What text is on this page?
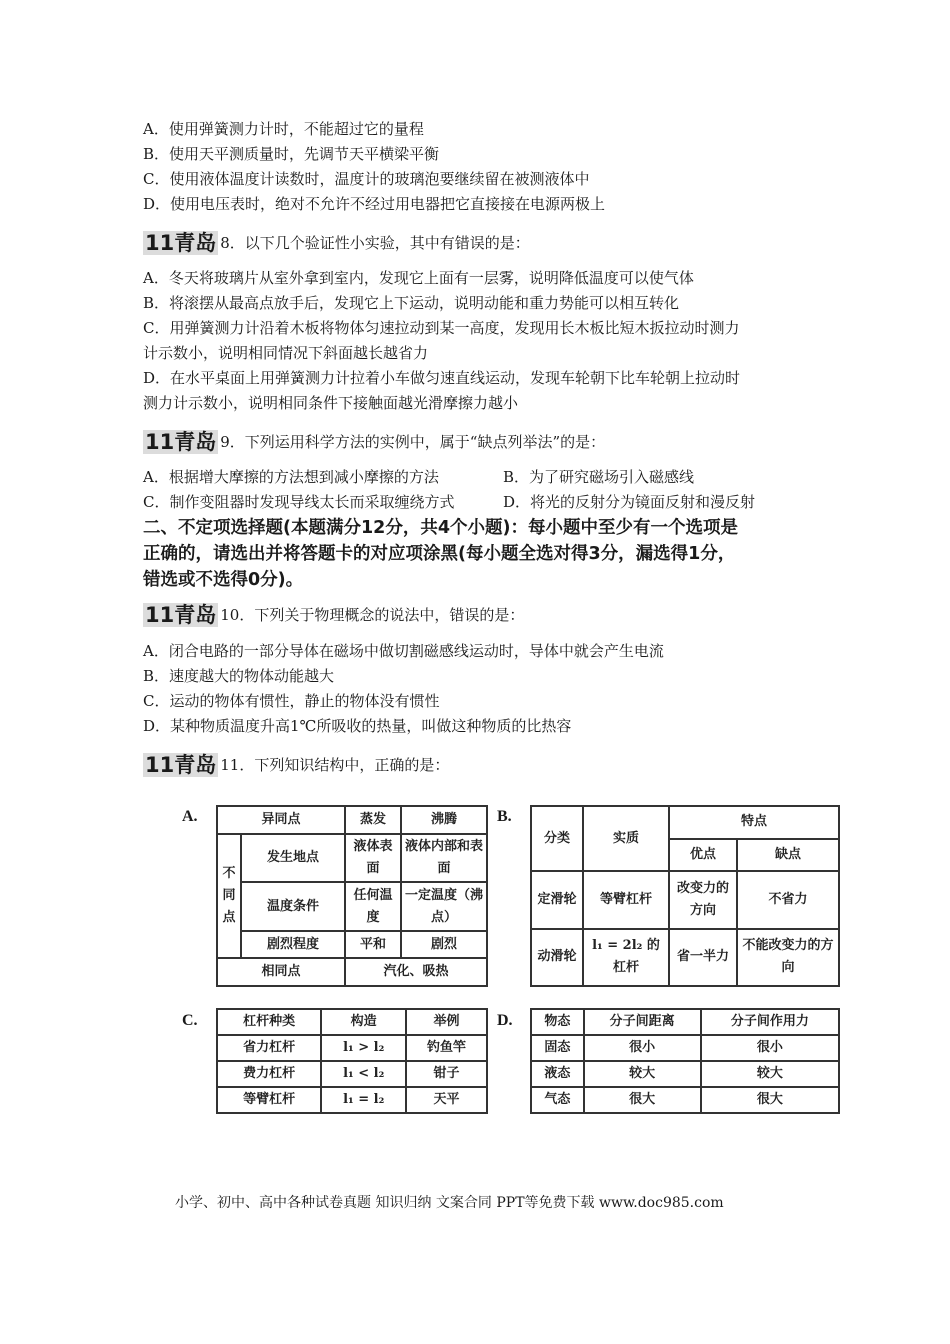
A．使用弹簧测力计时，不能超过它的量程
B．使用天平测质量时，先调节天平横梁平衡
C．使用液体温度计读数时，温度计的玻璃泡要继续留在被测液体中
D．使用电压表时，绝对不允许不经过用电器把它直接接在电源两极上
11青岛 8．以下几个验证性小实验，其中有错误的是：
A．冬天将玻璃片从室外拿到室内，发现它上面有一层雾，说明降低温度可以使气体
B．将滚摆从最高点放手后，发现它上下运动，说明动能和重力势能可以相互转化
C．用弹簧测力计沿着木板将物体匀速拉动到某一高度，发现用长木板比短木扳拉动时测力
计示数小，说明相同情况下斜面越长越省力
D．在水平桌面上用弹簧测力计拉着小车做匀速直线运动，发现车轮朝下比车轮朝上拉动时
测力计示数小，说明相同条件下接触面越光滑摩擦力越小
11青岛 9．下列运用科学方法的实例中，属于“缺点列举法”的是：
A．根据增大摩擦的方法想到减小摩擦的方法	B．为了研究磁场引入磁感线
C．制作变阻器时发现导线太长而采取缠绕方式	D．将光的反射分为镜面反射和漫反射
二、不定项选择题(本题满分12分，共4个小题)：每小题中至少有一个选项是
正确的，请选出并将答题卡的对应项涂黑(每小题全选对得3分，漏选得1分，
错选或不选得0分)。
11青岛 10．下列关于物理概念的说法中，错误的是：
A．闭合电路的一部分导体在磁场中做切割磁感线运动时，导体中就会产生电流
B．速度越大的物体动能越大
C．运动的物体有惯性，静止的物体没有惯性
D．某种物质温度升高1℃所吸收的热量，叫做这种物质的比热容
11青岛 11．下列知识结构中，正确的是：
A.	异同点		蒸发	沸腾
不同点	发生地点	液体表面	液体内部和表面
	温度条件	任何温度	一定温度（沸点）
	剧烈程度	平和	剧烈
相同点		汽化、吸热	
B.
分类	实质	特点	
		优点	缺点
定滑轮	等臂杠杆	改变力的方向	不省力
动滑轮	l₁ = 2l₂ 的杠杆	省一半力	不能改变力的方向
C.	杠杆种类	构造	举例
省力杠杆	l₁ > l₂	钓鱼竿
费力杠杆	l₁ < l₂	钳子
等臂杠杆	l₁ = l₂	天平
D. 物态	分子间距离	分子间作用力
固态	很小	很小
液态	较大	较大
气态	很大	很大
小学、初中、高中各种试卷真题 知识归纳 文案合同 PPT等免费下载 www.doc985.com
